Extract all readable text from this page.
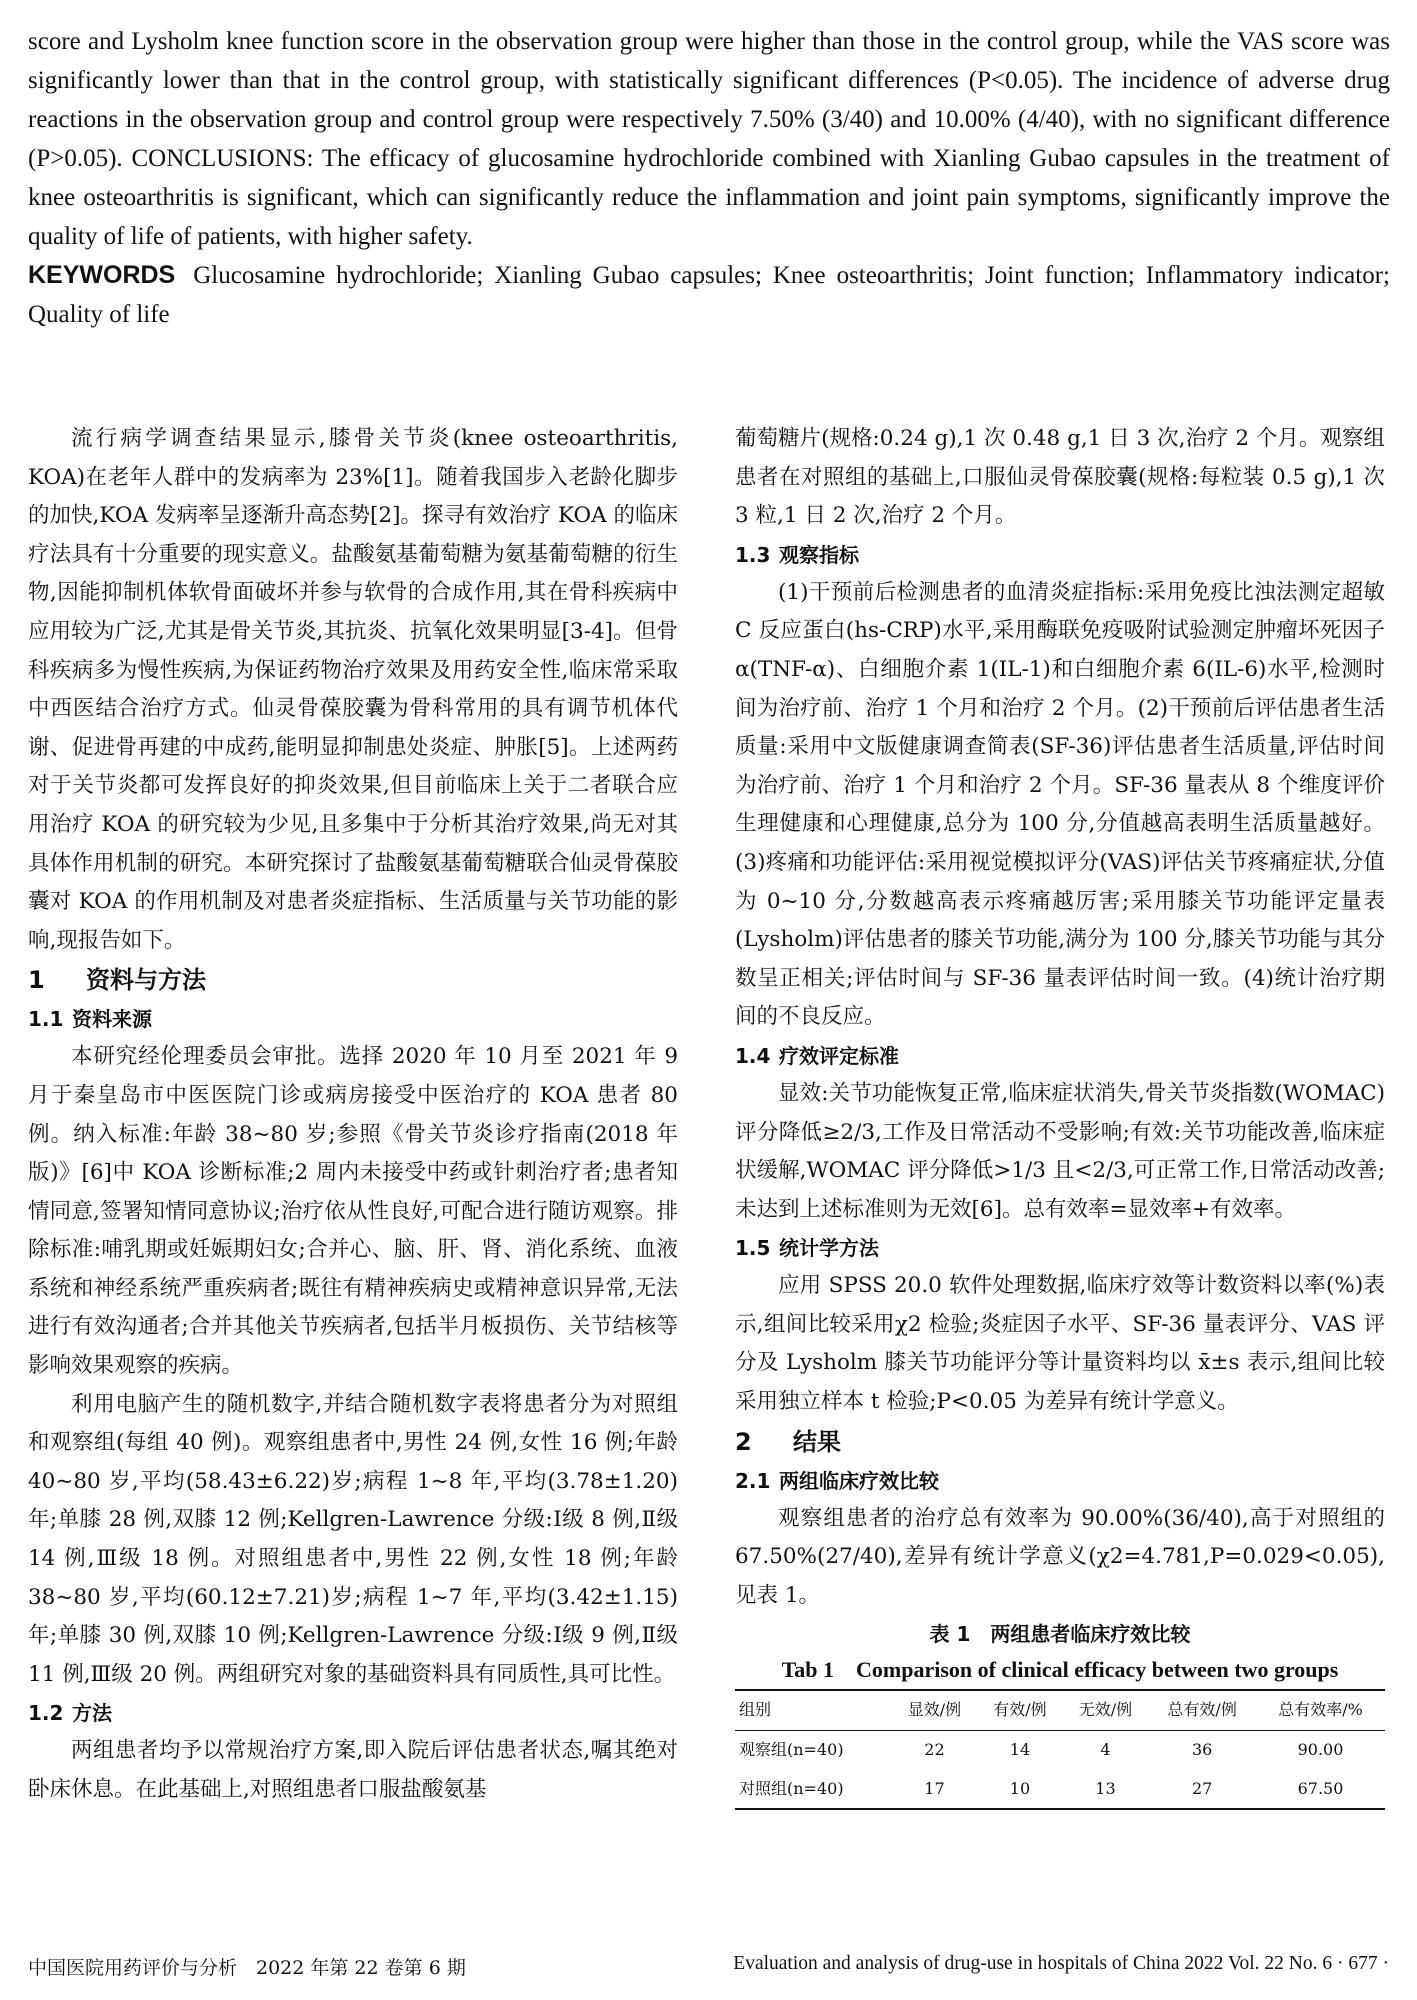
score and Lysholm knee function score in the observation group were higher than those in the control group, while the VAS score was significantly lower than that in the control group, with statistically significant differences (P<0.05). The incidence of adverse drug reactions in the observation group and control group were respectively 7.50% (3/40) and 10.00% (4/40), with no significant difference (P>0.05). CONCLUSIONS: The efficacy of glucosamine hydrochloride combined with Xianling Gubao capsules in the treatment of knee osteoarthritis is significant, which can significantly reduce the inflammation and joint pain symptoms, significantly improve the quality of life of patients, with higher safety.

KEYWORDS Glucosamine hydrochloride; Xianling Gubao capsules; Knee osteoarthritis; Joint function; Inflammatory indicator; Quality of life

流行病学调查结果显示,膝骨关节炎(knee osteoarthritis, KOA)在老年人群中的发病率为 23%[1]。随着我国步入老龄化脚步的加快,KOA 发病率呈逐渐升高态势[2]。探寻有效治疗 KOA 的临床疗法具有十分重要的现实意义。盐酸氨基葡萄糖为氨基葡萄糖的衍生物,因能抑制机体软骨面破坏并参与软骨的合成作用,其在骨科疾病中应用较为广泛,尤其是骨关节炎,其抗炎、抗氧化效果明显[3-4]。但骨科疾病多为慢性疾病,为保证药物治疗效果及用药安全性,临床常采取中西医结合治疗方式。仙灵骨葆胶囊为骨科常用的具有调节机体代谢、促进骨再建的中成药,能明显抑制患处炎症、肿胀[5]。上述两药对于关节炎都可发挥良好的抑炎效果,但目前临床上关于二者联合应用治疗 KOA 的研究较为少见,且多集中于分析其治疗效果,尚无对其具体作用机制的研究。本研究探讨了盐酸氨基葡萄糖联合仙灵骨葆胶囊对 KOA 的作用机制及对患者炎症指标、生活质量与关节功能的影响,现报告如下。

1 资料与方法
1.1 资料来源

本研究经伦理委员会审批。选择 2020 年 10 月至 2021 年 9 月于秦皇岛市中医医院门诊或病房接受中医治疗的 KOA 患者 80 例。纳入标准:年龄 38~80 岁;参照《骨关节炎诊疗指南(2018 年版)》[6]中 KOA 诊断标准;2 周内未接受中药或针刺治疗者;患者知情同意,签署知情同意协议;治疗依从性良好,可配合进行随访观察。排除标准:哺乳期或妊娠期妇女;合并心、脑、肝、肾、消化系统、血液系统和神经系统严重疾病者;既往有精神疾病史或精神意识异常,无法进行有效沟通者;合并其他关节疾病者,包括半月板损伤、关节结核等影响效果观察的疾病。

利用电脑产生的随机数字,并结合随机数字表将患者分为对照组和观察组(每组 40 例)。观察组患者中,男性 24 例,女性 16 例;年龄 40~80 岁,平均(58.43±6.22)岁;病程 1~8 年,平均(3.78±1.20)年;单膝 28 例,双膝 12 例;Kellgren-Lawrence 分级:Ⅰ级 8 例,Ⅱ级 14 例,Ⅲ级 18 例。对照组患者中,男性 22 例,女性 18 例;年龄 38~80 岁,平均(60.12±7.21)岁;病程 1~7 年,平均(3.42±1.15)年;单膝 30 例,双膝 10 例;Kellgren-Lawrence 分级:Ⅰ级 9 例,Ⅱ级 11 例,Ⅲ级 20 例。两组研究对象的基础资料具有同质性,具可比性。

1.2 方法

两组患者均予以常规治疗方案,即入院后评估患者状态,嘱其绝对卧床休息。在此基础上,对照组患者口服盐酸氨基

葡萄糖片(规格:0.24 g),1 次 0.48 g,1 日 3 次,治疗 2 个月。观察组患者在对照组的基础上,口服仙灵骨葆胶囊(规格:每粒装 0.5 g),1 次 3 粒,1 日 2 次,治疗 2 个月。

1.3 观察指标

(1)干预前后检测患者的血清炎症指标:采用免疫比浊法测定超敏 C 反应蛋白(hs-CRP)水平,采用酶联免疫吸附试验测定肿瘤坏死因子 α(TNF-α)、白细胞介素 1(IL-1)和白细胞介素 6(IL-6)水平,检测时间为治疗前、治疗 1 个月和治疗 2 个月。(2)干预前后评估患者生活质量:采用中文版健康调查简表(SF-36)评估患者生活质量,评估时间为治疗前、治疗 1 个月和治疗 2 个月。SF-36 量表从 8 个维度评价生理健康和心理健康,总分为 100 分,分值越高表明生活质量越好。(3)疼痛和功能评估:采用视觉模拟评分(VAS)评估关节疼痛症状,分值为 0~10 分,分数越高表示疼痛越厉害;采用膝关节功能评定量表(Lysholm)评估患者的膝关节功能,满分为 100 分,膝关节功能与其分数呈正相关;评估时间与 SF-36 量表评估时间一致。(4)统计治疗期间的不良反应。

1.4 疗效评定标准

显效:关节功能恢复正常,临床症状消失,骨关节炎指数(WOMAC)评分降低≥2/3,工作及日常活动不受影响;有效:关节功能改善,临床症状缓解,WOMAC 评分降低>1/3 且<2/3,可正常工作,日常活动改善;未达到上述标准则为无效[6]。总有效率=显效率+有效率。

1.5 统计学方法

应用 SPSS 20.0 软件处理数据,临床疗效等计数资料以率(%)表示,组间比较采用χ2 检验;炎症因子水平、SF-36 量表评分、VAS 评分及 Lysholm 膝关节功能评分等计量资料均以 x̄±s 表示,组间比较采用独立样本 t 检验;P<0.05 为差异有统计学意义。

2 结果
2.1 两组临床疗效比较

观察组患者的治疗总有效率为 90.00%(36/40),高于对照组的 67.50%(27/40),差异有统计学意义(χ2=4.781,P=0.029<0.05),见表 1。

表 1　两组患者临床疗效比较
Tab 1　Comparison of clinical efficacy between two groups
组别	显效/例	有效/例	无效/例	总有效/例	总有效率/%
观察组(n=40)	22	14	4	36	90.00
对照组(n=40)	17	10	13	27	67.50
中国医院用药评价与分析　2022 年第 22 卷第 6 期	Evaluation and analysis of drug-use in hospitals of China 2022 Vol. 22 No. 6 · 677 ·
